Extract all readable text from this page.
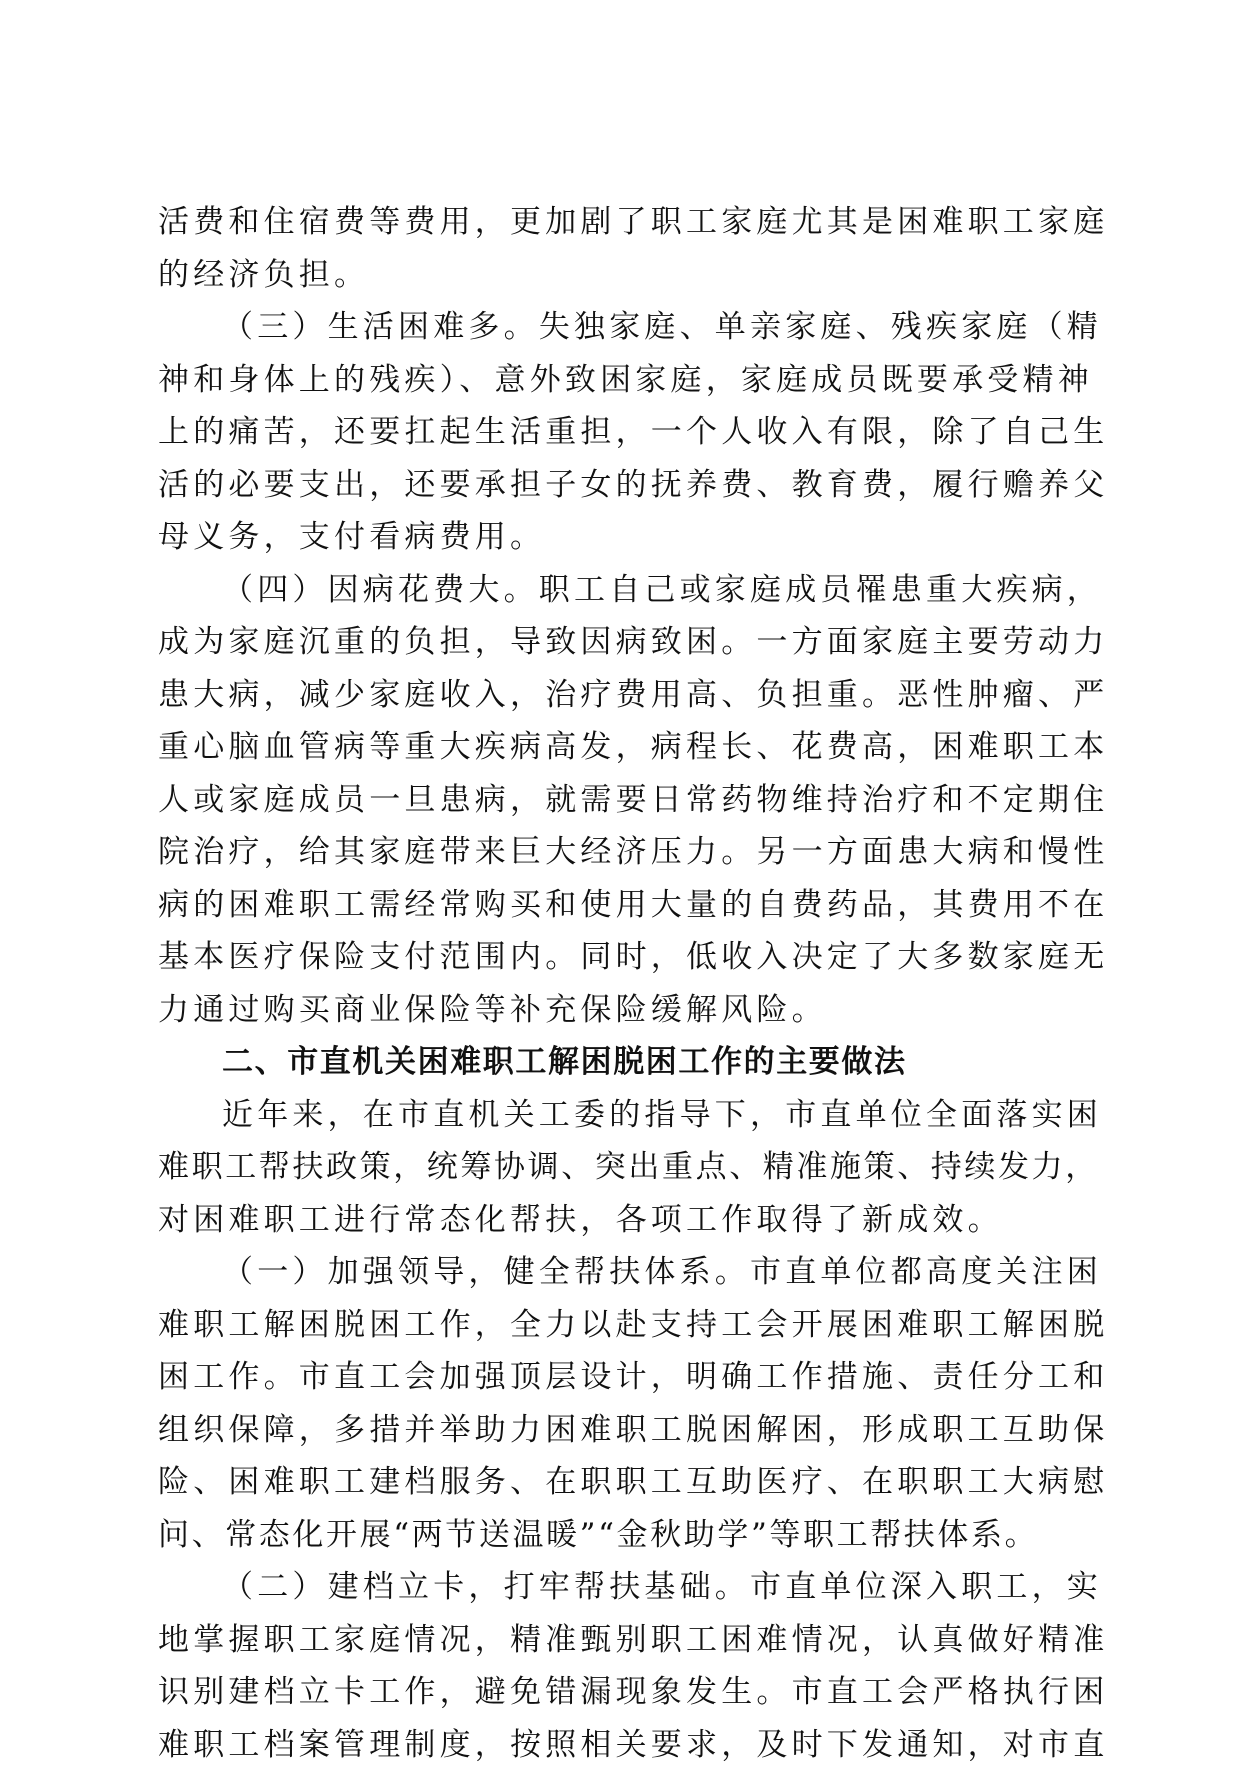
活费和住宿费等费用，更加剧了职工家庭尤其是困难职工家庭
的经济负担。
（三）生活困难多。失独家庭、单亲家庭、残疾家庭（精
神和身体上的残疾）、意外致困家庭，家庭成员既要承受精神
上的痛苦，还要扛起生活重担，一个人收入有限，除了自己生
活的必要支出，还要承担子女的抚养费、教育费，履行赡养父
母义务，支付看病费用。
（四）因病花费大。职工自己或家庭成员罹患重大疾病，
成为家庭沉重的负担，导致因病致困。一方面家庭主要劳动力
患大病，减少家庭收入，治疗费用高、负担重。恶性肿瘤、严
重心脑血管病等重大疾病高发，病程长、花费高，困难职工本
人或家庭成员一旦患病，就需要日常药物维持治疗和不定期住
院治疗，给其家庭带来巨大经济压力。另一方面患大病和慢性
病的困难职工需经常购买和使用大量的自费药品，其费用不在
基本医疗保险支付范围内。同时，低收入决定了大多数家庭无
力通过购买商业保险等补充保险缓解风险。
二、市直机关困难职工解困脱困工作的主要做法
近年来，在市直机关工委的指导下，市直单位全面落实困
难职工帮扶政策，统筹协调、突出重点、精准施策、持续发力，
对困难职工进行常态化帮扶，各项工作取得了新成效。
（一）加强领导，健全帮扶体系。市直单位都高度关注困
难职工解困脱困工作，全力以赴支持工会开展困难职工解困脱
困工作。市直工会加强顶层设计，明确工作措施、责任分工和
组织保障，多措并举助力困难职工脱困解困，形成职工互助保
险、困难职工建档服务、在职职工互助医疗、在职职工大病慰
问、常态化开展“两节送温暖”“金秋助学”等职工帮扶体系。
（二）建档立卡，打牢帮扶基础。市直单位深入职工，实
地掌握职工家庭情况，精准甄别职工困难情况，认真做好精准
识别建档立卡工作，避免错漏现象发生。市直工会严格执行困
难职工档案管理制度，按照相关要求，及时下发通知，对市直
